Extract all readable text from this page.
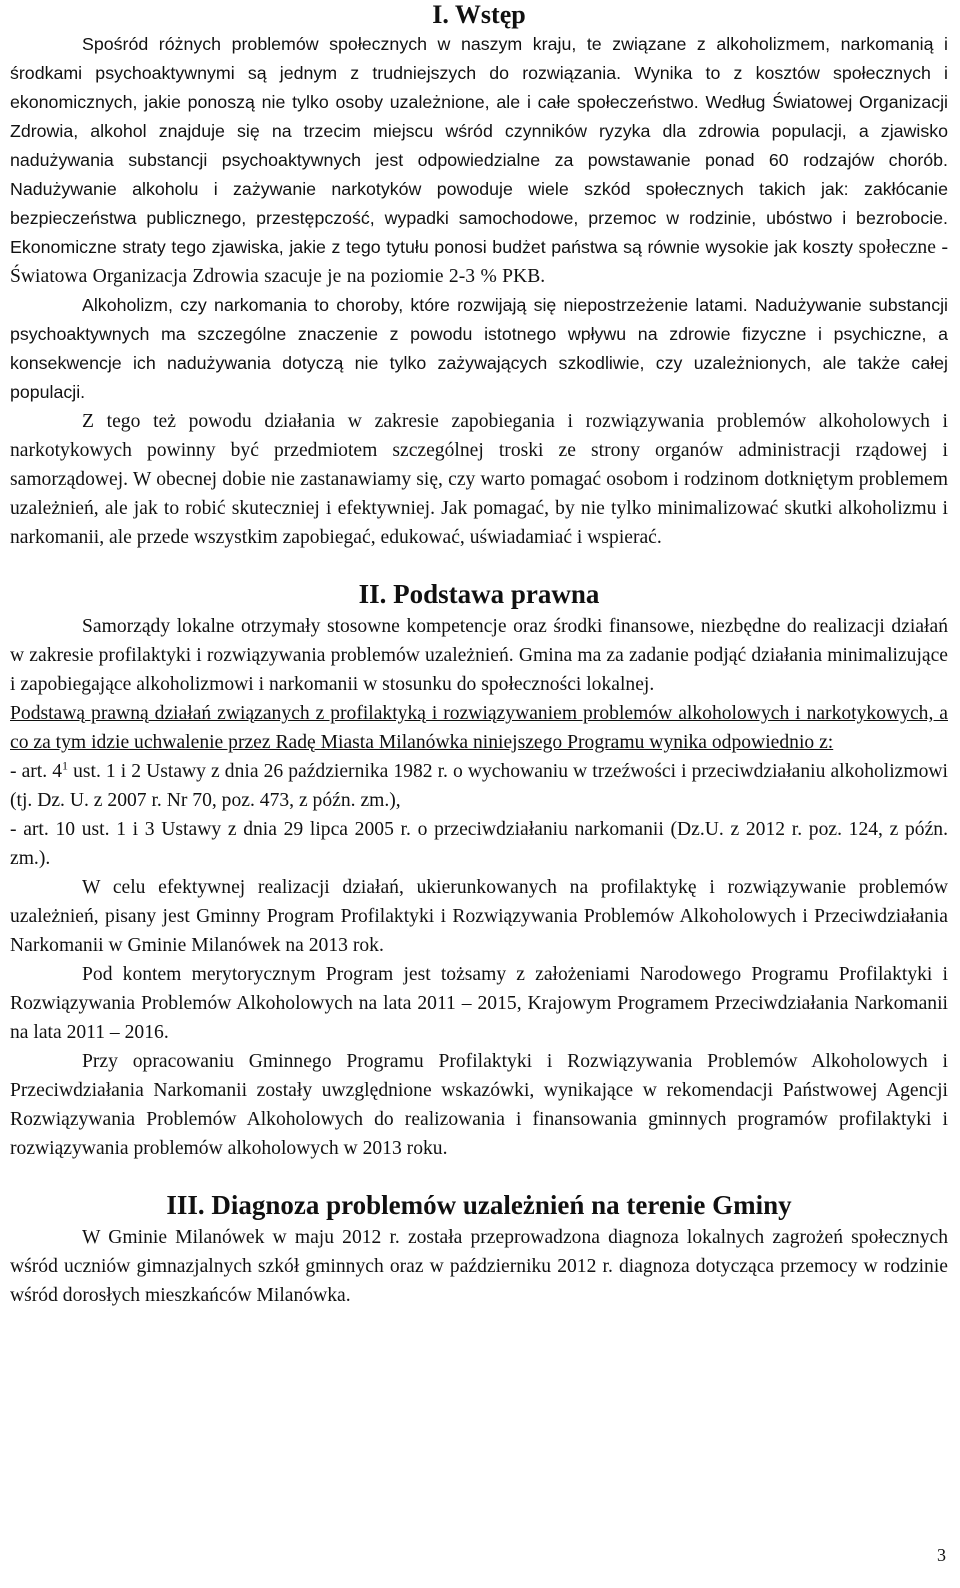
I. Wstęp

Spośród różnych problemów społecznych w naszym kraju, te związane z alkoholizmem, narkomanią i środkami psychoaktywnymi są jednym z trudniejszych do rozwiązania. Wynika to z kosztów społecznych i ekonomicznych, jakie ponoszą nie tylko osoby uzależnione, ale i całe społeczeństwo. Według Światowej Organizacji Zdrowia, alkohol znajduje się na trzecim miejscu wśród czynników ryzyka dla zdrowia populacji, a zjawisko nadużywania substancji psychoaktywnych jest odpowiedzialne za powstawanie ponad 60 rodzajów chorób. Nadużywanie alkoholu i zażywanie narkotyków powoduje wiele szkód społecznych takich jak: zakłócanie bezpieczeństwa publicznego, przestępczość, wypadki samochodowe, przemoc w rodzinie, ubóstwo i bezrobocie. Ekonomiczne straty tego zjawiska, jakie z tego tytułu ponosi budżet państwa są równie wysokie jak koszty społeczne - Światowa Organizacja Zdrowia szacuje je na poziomie 2-3 % PKB.

Alkoholizm, czy narkomania to choroby, które rozwijają się niepostrzeżenie latami. Nadużywanie substancji psychoaktywnych ma szczególne znaczenie z powodu istotnego wpływu na zdrowie fizyczne i psychiczne, a konsekwencje ich nadużywania dotyczą nie tylko zażywających szkodliwie, czy uzależnionych, ale także całej populacji.

Z tego też powodu działania w zakresie zapobiegania i rozwiązywania problemów alkoholowych i narkotykowych powinny być przedmiotem szczególnej troski ze strony organów administracji rządowej i samorządowej. W obecnej dobie nie zastanawiamy się, czy warto pomagać osobom i rodzinom dotkniętym problemem uzależnień, ale jak to robić skuteczniej i efektywniej. Jak pomagać, by nie tylko minimalizować skutki alkoholizmu i narkomanii, ale przede wszystkim zapobiegać, edukować, uświadamiać i wspierać.

II. Podstawa prawna

Samorządy lokalne otrzymały stosowne kompetencje oraz środki finansowe, niezbędne do realizacji działań w zakresie profilaktyki i rozwiązywania problemów uzależnień. Gmina ma za zadanie podjąć działania minimalizujące i zapobiegające alkoholizmowi i narkomanii w stosunku do społeczności lokalnej.

Podstawą prawną działań związanych z profilaktyką i rozwiązywaniem problemów alkoholowych i narkotykowych, a co za tym idzie uchwalenie przez Radę Miasta Milanówka niniejszego Programu wynika odpowiednio z:

- art. $4^1$ ust. 1 i 2 Ustawy z dnia 26 października 1982 r. o wychowaniu w trzeźwości i przeciwdziałaniu alkoholizmowi (tj. Dz. U. z 2007 r. Nr 70, poz. 473, z późn. zm.),

- art. 10 ust. 1 i 3 Ustawy z dnia 29 lipca 2005 r. o przeciwdziałaniu narkomanii (Dz.U. z 2012 r. poz. 124, z późn. zm.).

W celu efektywnej realizacji działań, ukierunkowanych na profilaktykę i rozwiązywanie problemów uzależnień, pisany jest Gminny Program Profilaktyki i Rozwiązywania Problemów Alkoholowych i Przeciwdziałania Narkomanii w Gminie Milanówek na 2013 rok.

Pod kontem merytorycznym Program jest tożsamy z założeniami Narodowego Programu Profilaktyki i Rozwiązywania Problemów Alkoholowych na lata 2011 – 2015, Krajowym Programem Przeciwdziałania Narkomanii na lata 2011 – 2016.

Przy opracowaniu Gminnego Programu Profilaktyki i Rozwiązywania Problemów Alkoholowych i Przeciwdziałania Narkomanii zostały uwzględnione wskazówki, wynikające w rekomendacji Państwowej Agencji Rozwiązywania Problemów Alkoholowych do realizowania i finansowania gminnych programów profilaktyki i rozwiązywania problemów alkoholowych w 2013 roku.

III. Diagnoza problemów uzależnień na terenie Gminy

W Gminie Milanówek w maju 2012 r. została przeprowadzona diagnoza lokalnych zagrożeń społecznych wśród uczniów gimnazjalnych szkół gminnych oraz w październiku 2012 r. diagnoza dotycząca przemocy w rodzinie wśród dorosłych mieszkańców Milanówka.

3
